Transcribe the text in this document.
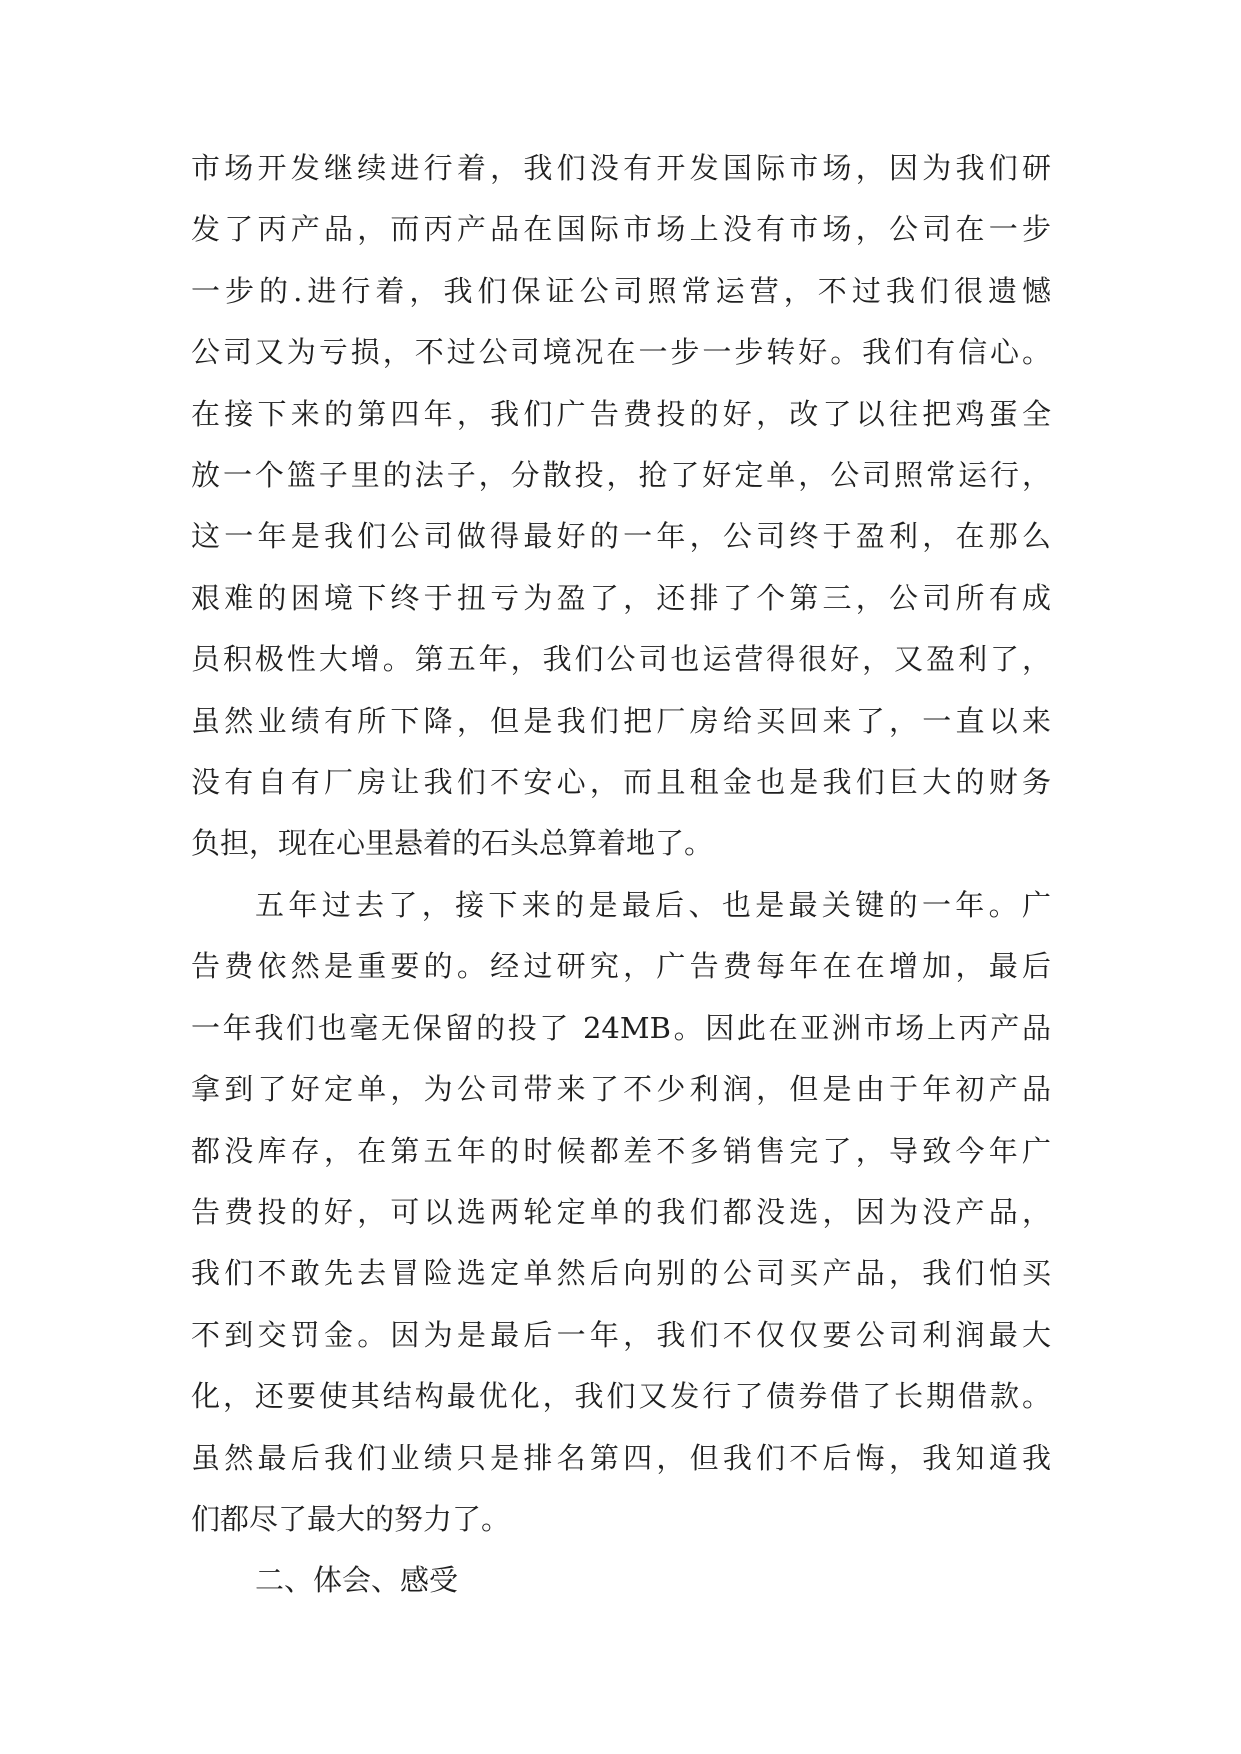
市场开发继续进行着，我们没有开发国际市场，因为我们研
发了丙产品，而丙产品在国际市场上没有市场，公司在一步
一步的.进行着，我们保证公司照常运营，不过我们很遗憾
公司又为亏损，不过公司境况在一步一步转好。我们有信心。
在接下来的第四年，我们广告费投的好，改了以往把鸡蛋全
放一个篮子里的法子，分散投，抢了好定单，公司照常运行，
这一年是我们公司做得最好的一年，公司终于盈利，在那么
艰难的困境下终于扭亏为盈了，还排了个第三，公司所有成
员积极性大增。第五年，我们公司也运营得很好，又盈利了，
虽然业绩有所下降，但是我们把厂房给买回来了，一直以来
没有自有厂房让我们不安心，而且租金也是我们巨大的财务
负担，现在心里悬着的石头总算着地了。
五年过去了，接下来的是最后、也是最关键的一年。广
告费依然是重要的。经过研究，广告费每年在在增加，最后
一年我们也毫无保留的投了 24MB。因此在亚洲市场上丙产品
拿到了好定单，为公司带来了不少利润，但是由于年初产品
都没库存，在第五年的时候都差不多销售完了，导致今年广
告费投的好，可以选两轮定单的我们都没选，因为没产品，
我们不敢先去冒险选定单然后向别的公司买产品，我们怕买
不到交罚金。因为是最后一年，我们不仅仅要公司利润最大
化，还要使其结构最优化，我们又发行了债券借了长期借款。
虽然最后我们业绩只是排名第四，但我们不后悔，我知道我
们都尽了最大的努力了。
二、体会、感受
